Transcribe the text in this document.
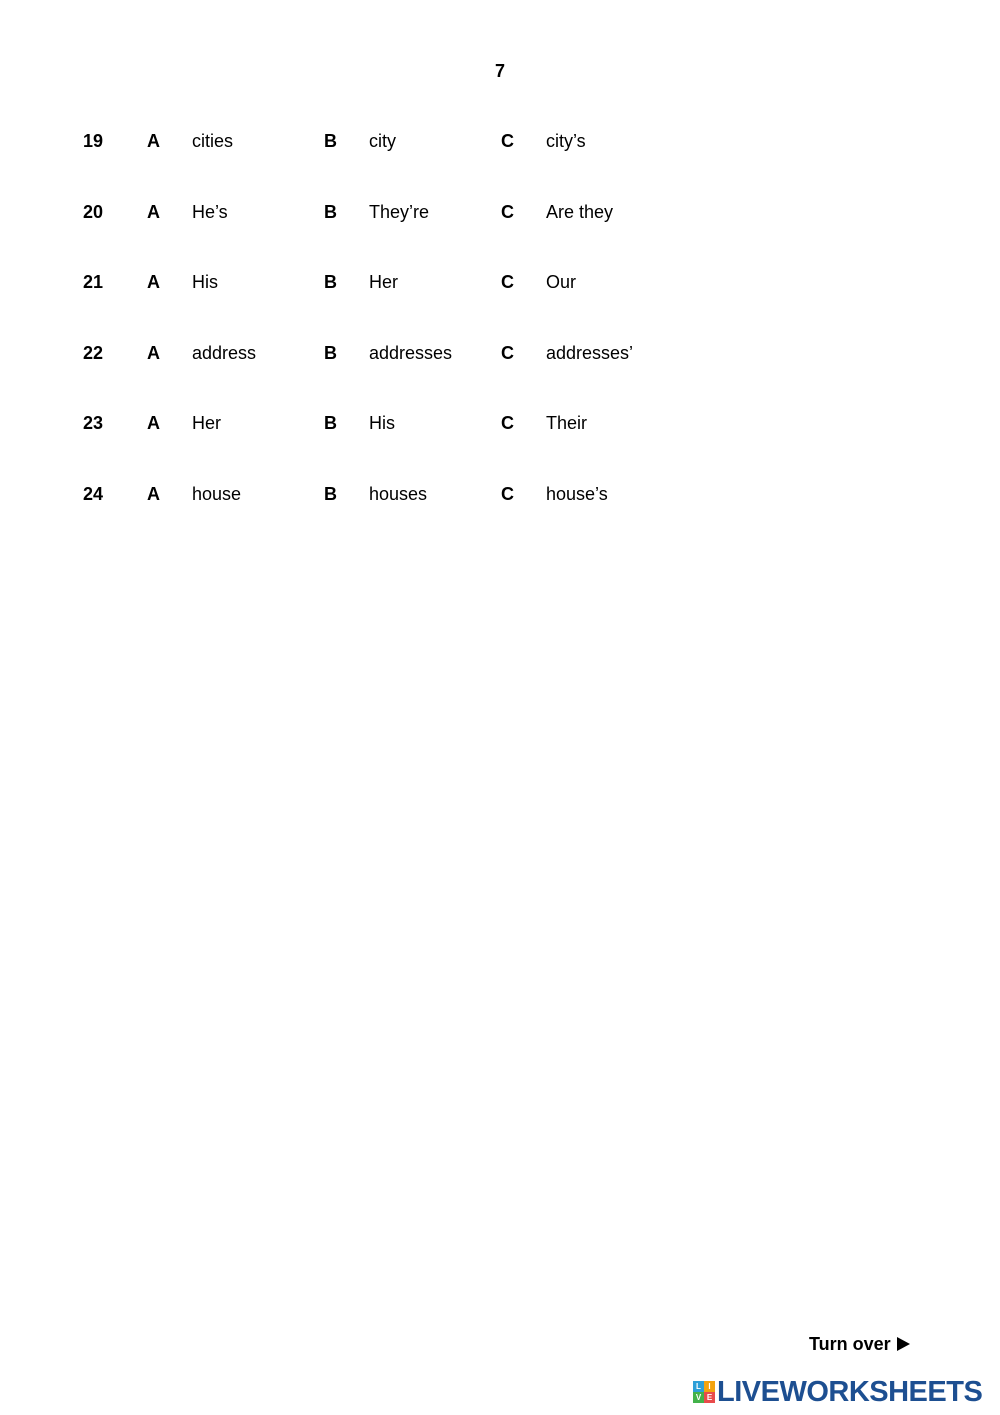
7
19 A cities	B city	C city’s
20 A He’s	B They’re	C Are they
21 A His	B Her	C Our
22 A address	B addresses	C addresses’
23 A Her	B His	C Their
24 A house	B houses	C house’s
Turn over
L I
V E LIVEWORKSHEETS
